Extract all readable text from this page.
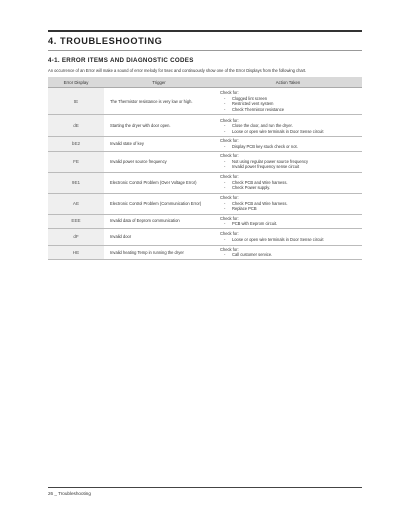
4. TROUBLESHOOTING
4-1. ERROR ITEMS AND DIAGNOSTIC CODES
An occurrence of an Error will make a sound of error melody for 5sec and continuously show one of the Error Displays from the following chart.
Error Display	Trigger	Action Taken
tE	The Thermistor resistance is very low or high.	Check for:
- Clogged lint screen
- Restricted vent system
- Check Thermistor resistance

dE	Starting the dryer with door open.	Check for:
- Close the door, and run the dryer.
- Loose or open wire terminals in Door Sense circuit

bE2	Invalid state of key	Check for:
- Display PCB key stuck check or not.

FE	Invalid power source frequency	Check for:
- Not using regular power source frequency
- Invalid power frequency sense circuit

9E1	Electronic Control Problem (Over Voltage Error)	Check for:
- Check PCB and Wire harness.
- Check Power supply.

AE	Electronic Control Problem (Communication Error)	Check for:
- Check PCB and Wire harness.
- Replace PCB

EEE	Invalid data of Eeprom communication	Check for:
- PCB with Eeprom circuit.

dF	Invalid door	Check for:
- Loose or open wire terminals in Door Sense circuit

HE	Invalid heating Temp in running the dryer	Check for:
- Call customer service.
26 _ Troubleshooting
